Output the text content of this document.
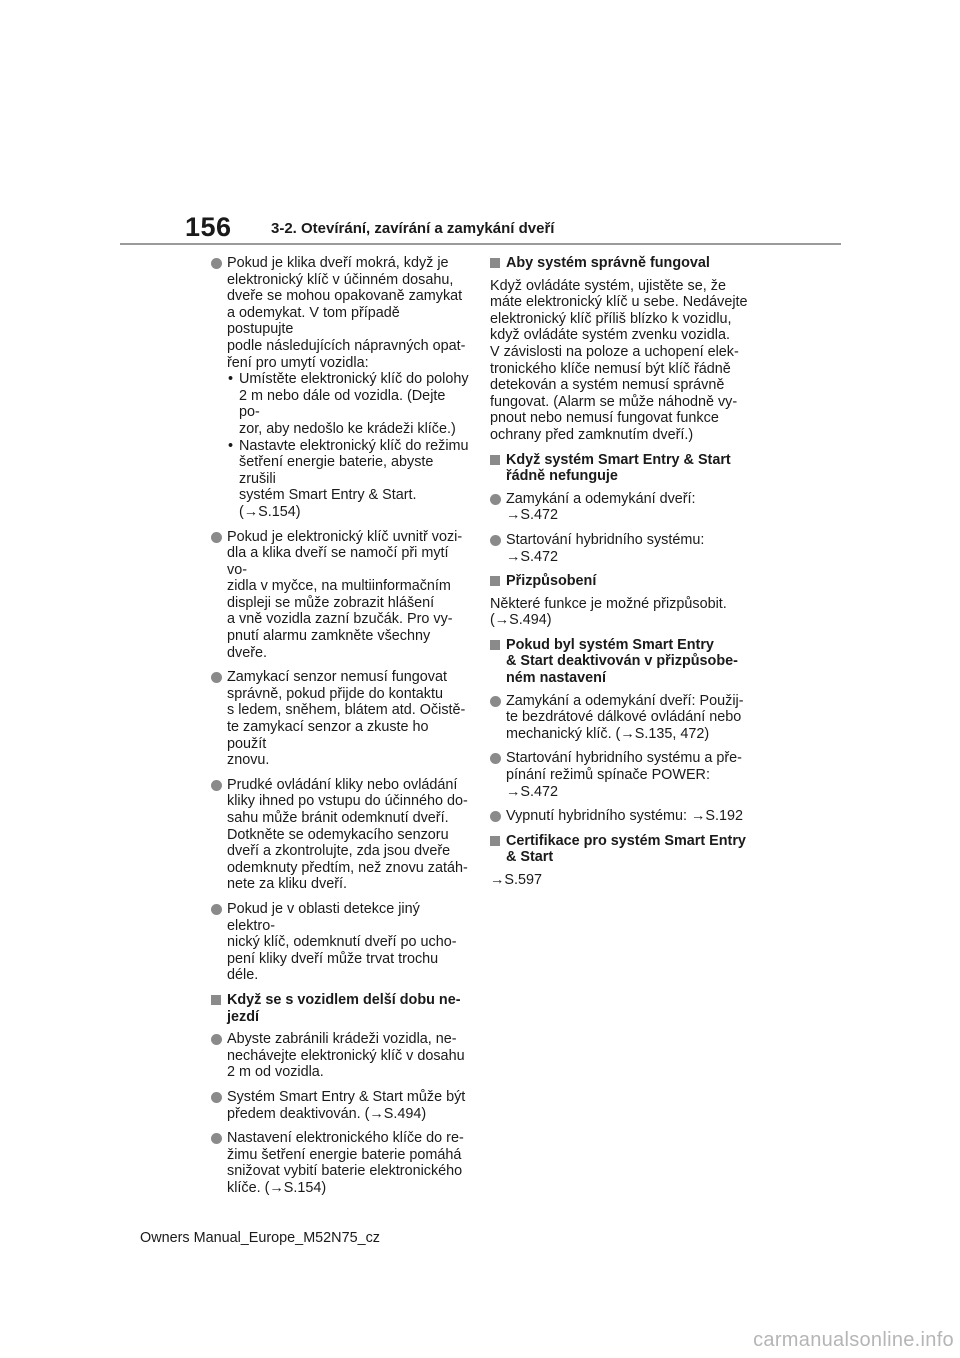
156	3-2. Otevírání, zavírání a zamykání dveří
Pokud je klika dveří mokrá, když je
elektronický klíč v účinném dosahu,
dveře se mohou opakovaně zamykat
a odemykat. V tom případě postupujte
podle následujících nápravných opat-
ření pro umytí vozidla:
• Umístěte elektronický klíč do polohy
2 m nebo dále od vozidla. (Dejte po-
zor, aby nedošlo ke krádeži klíče.)
• Nastavte elektronický klíč do režimu
šetření energie baterie, abyste zrušili
systém Smart Entry & Start. (→S.154)
Pokud je elektronický klíč uvnitř vozi-
dla a klika dveří se namočí při mytí vo-
zidla v myčce, na multiinformačním
displeji se může zobrazit hlášení
a vně vozidla zazní bzučák. Pro vy-
pnutí alarmu zamkněte všechny
dveře.
Zamykací senzor nemusí fungovat
správně, pokud přijde do kontaktu
s ledem, sněhem, blátem atd. Očistě-
te zamykací senzor a zkuste ho použít
znovu.
Prudké ovládání kliky nebo ovládání
kliky ihned po vstupu do účinného do-
sahu může bránit odemknutí dveří.
Dotkněte se odemykacího senzoru
dveří a zkontrolujte, zda jsou dveře
odemknuty předtím, než znovu zatáh-
nete za kliku dveří.
Pokud je v oblasti detekce jiný elektro-
nický klíč, odemknutí dveří po ucho-
pení kliky dveří může trvat trochu
déle.
Když se s vozidlem delší dobu ne-
jezdí
Abyste zabránili krádeži vozidla, ne-
nechávejte elektronický klíč v dosahu
2 m od vozidla.
Systém Smart Entry & Start může být
předem deaktivován. (→S.494)
Nastavení elektronického klíče do re-
žimu šetření energie baterie pomáhá
snižovat vybití baterie elektronického
klíče. (→S.154)
Aby systém správně fungoval
Když ovládáte systém, ujistěte se, že
máte elektronický klíč u sebe. Nedávejte
elektronický klíč příliš blízko k vozidlu,
když ovládáte systém zvenku vozidla.
V závislosti na poloze a uchopení elek-
tronického klíče nemusí být klíč řádně
detekován a systém nemusí správně
fungovat. (Alarm se může náhodně vy-
pnout nebo nemusí fungovat funkce
ochrany před zamknutím dveří.)
Když systém Smart Entry & Start
řádně nefunguje
Zamykání a odemykání dveří:
→S.472
Startování hybridního systému:
→S.472
Přizpůsobení
Některé funkce je možné přizpůsobit.
(→S.494)
Pokud byl systém Smart Entry
& Start deaktivován v přizpůsobe-
ném nastavení
Zamykání a odemykání dveří: Použij-
te bezdrátové dálkové ovládání nebo
mechanický klíč. (→S.135, 472)
Startování hybridního systému a pře-
pínání režimů spínače POWER:
→S.472
Vypnutí hybridního systému: →S.192
Certifikace pro systém Smart Entry
& Start
→S.597
Owners Manual_Europe_M52N75_cz
carmanualsonline.info
